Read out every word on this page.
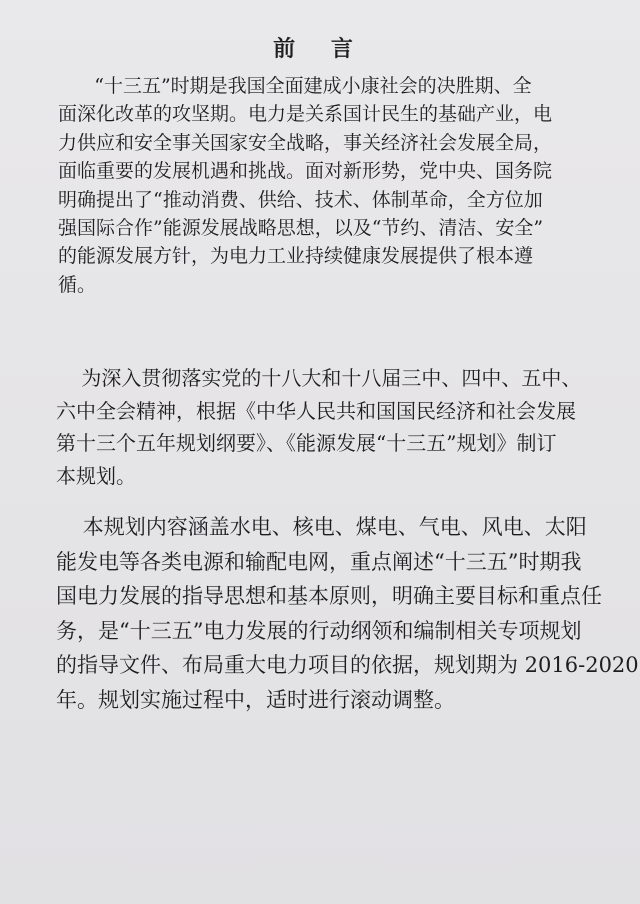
前 言
“十三五”时期是我国全面建成小康社会的决胜期、全
面深化改革的攻坚期。电力是关系国计民生的基础产业，电
力供应和安全事关国家安全战略，事关经济社会发展全局，
面临重要的发展机遇和挑战。面对新形势，党中央、国务院
明确提出了“推动消费、供给、技术、体制革命，全方位加
强国际合作”能源发展战略思想，以及“节约、清洁、安全”
的能源发展方针，为电力工业持续健康发展提供了根本遵
循。
为深入贯彻落实党的十八大和十八届三中、四中、五中、
六中全会精神，根据《中华人民共和国国民经济和社会发展
第十三个五年规划纲要》、《能源发展“十三五”规划》制订
本规划。
本规划内容涵盖水电、核电、煤电、气电、风电、太阳
能发电等各类电源和输配电网，重点阐述“十三五”时期我
国电力发展的指导思想和基本原则，明确主要目标和重点任
务，是“十三五”电力发展的行动纲领和编制相关专项规划
的指导文件、布局重大电力项目的依据，规划期为 2016-2020
年。规划实施过程中，适时进行滚动调整。
